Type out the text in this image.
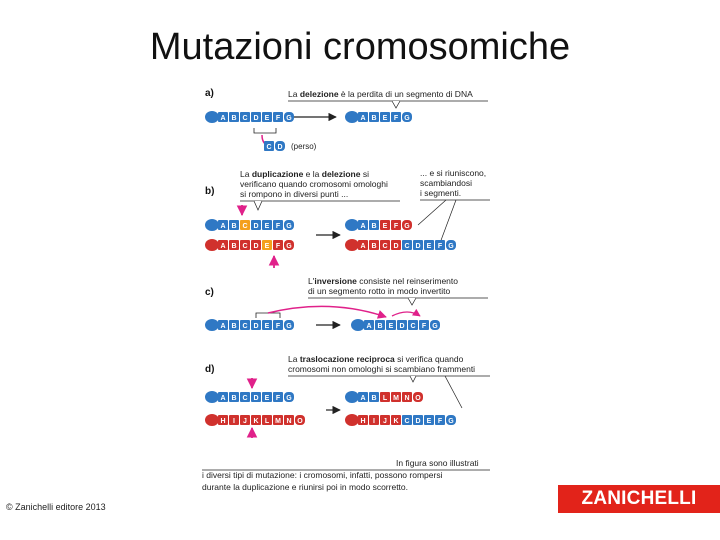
Mutazioni cromosomiche
a)
b)
c)
d)
La delezione è la perdita di un segmento di DNA
La duplicazione e la delezione si
verificano quando cromosomi omologhi
si rompono in diversi punti ...
... e si riuniscono,
scambiandosi
i segmenti.
L'inversione consiste nel reinserimento
di un segmento rotto in modo invertito
La traslocazione reciproca si verifica quando
cromosomi non omologhi si scambiano frammenti
In figura sono illustrati
i diversi tipi di mutazione: i cromosomi, infatti, possono rompersi
durante la duplicazione e riunirsi poi in modo scorretto.
A B C D E F G	A B E F G
C D (perso)
A B C D E F G
A B C D E F G
A B E F G
A B C D C D E F G
A B C D E F G	A B E D C F G
A B C D E F G
H I J K L M N O
A B L M N O
H I J K C D E F G
© Zanichelli editore 2013	ZANICHELLI
